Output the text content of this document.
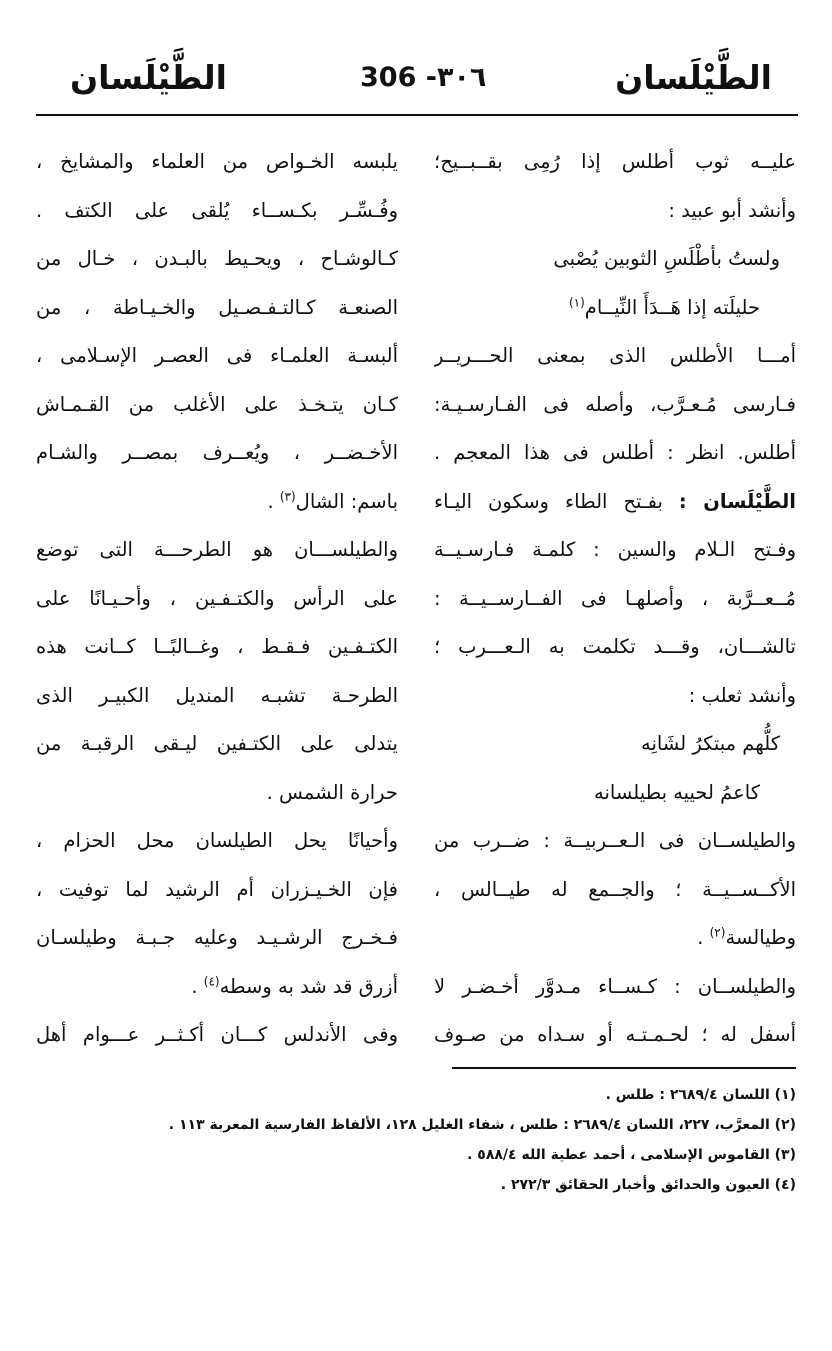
الطَّيْلَسان
306 -٣٠٦
الطَّيْلَسان
عليــه ثوب أطلس إذا رُمِى بقــبــيح؛
وأنشد أبو عبيد :
ولستُ بأطْلَسِ الثوبين يُصْبى
حليلَته إذا هَــدَأَ النِّيــام$^{(١)}$
أمـــا الأطلس الذى بمعنى الحـــريــر
فـارسى مُـعـرَّب، وأصله فى الفـارسـيـة:
أطلس. انظر : أطلس فى هذا المعجم .
الطَّيْلَسان : بفـتح الطاء وسكون اليـاء
وفـتح الـلام والسين : كلمـة فـارسـيــة
مُــعــرَّبة ، وأصلهـا فى الفــارســيــة :
تالشـــان، وقـــد تكلمت به الـعـــرب ؛
وأنشد ثعلب :
كلُّهم مبتكرُ لشَانِه
كاعمُ لحييه بطيلسانه
والطيلســان فى الـعــربيــة : ضــرب من
الأكــســيــة ؛ والجــمع له طيــالس ،
وطيالسة$^{(٢)}$ .
والطيلســان : كـســاء مـدوَّر أخـضـر لا
أسفل له ؛ لحـمـتـه أو سـداه من صـوف
يلبسه الخـواص من العلماء والمشايخ ،
وفُـسِّـر بكـســاء يُلقى على الكتف .
كـالوشـاح ، ويحـيط بالبـدن ، خـال من
الصنعـة كـالتـفـصـيل والخـيـاطة ، من
ألبسـة العلمـاء فى العصـر الإسـلامى ،
كـان يتـخـذ على الأغلب من القـمـاش
الأخـضــر ، ويُعــرف بمصــر والشـام
باسم: الشال$^{(٣)}$ .
والطيلســـان هو الطرحـــة التى توضع
على الرأس والكتـفـين ، وأحـيـانًا على
الكتـفـين فـقـط ، وغــالبًــا كــانت هذه
الطرحـة تشبـه المنديل الكبيـر الذى
يتدلى على الكتـفين ليـقى الرقبـة من
حرارة الشمس .
وأحيانًا يحل الطيلسان محل الحزام ،
فإن الخـيـزران أم الرشيد لما توفيت ،
فـخـرج الرشـيـد وعليه جـبـة وطيلسـان
أزرق قد شد به وسطه$^{(٤)}$ .
وفى الأندلس كـــان أكـثــر عـــوام أهل
(١) اللسان ٢٦٨٩/٤ : طلس .
(٢) المعرَّب، ٢٢٧، اللسان ٢٦٨٩/٤ : طلس ، شفاء الغليل ١٢٨، الألفاظ الفارسية المعربة ١١٣ .
(٣) القاموس الإسلامى ، أحمد عطية الله ٥٨٨/٤ .
(٤) العيون والحدائق وأخبار الحقائق ٢٧٢/٣ .
